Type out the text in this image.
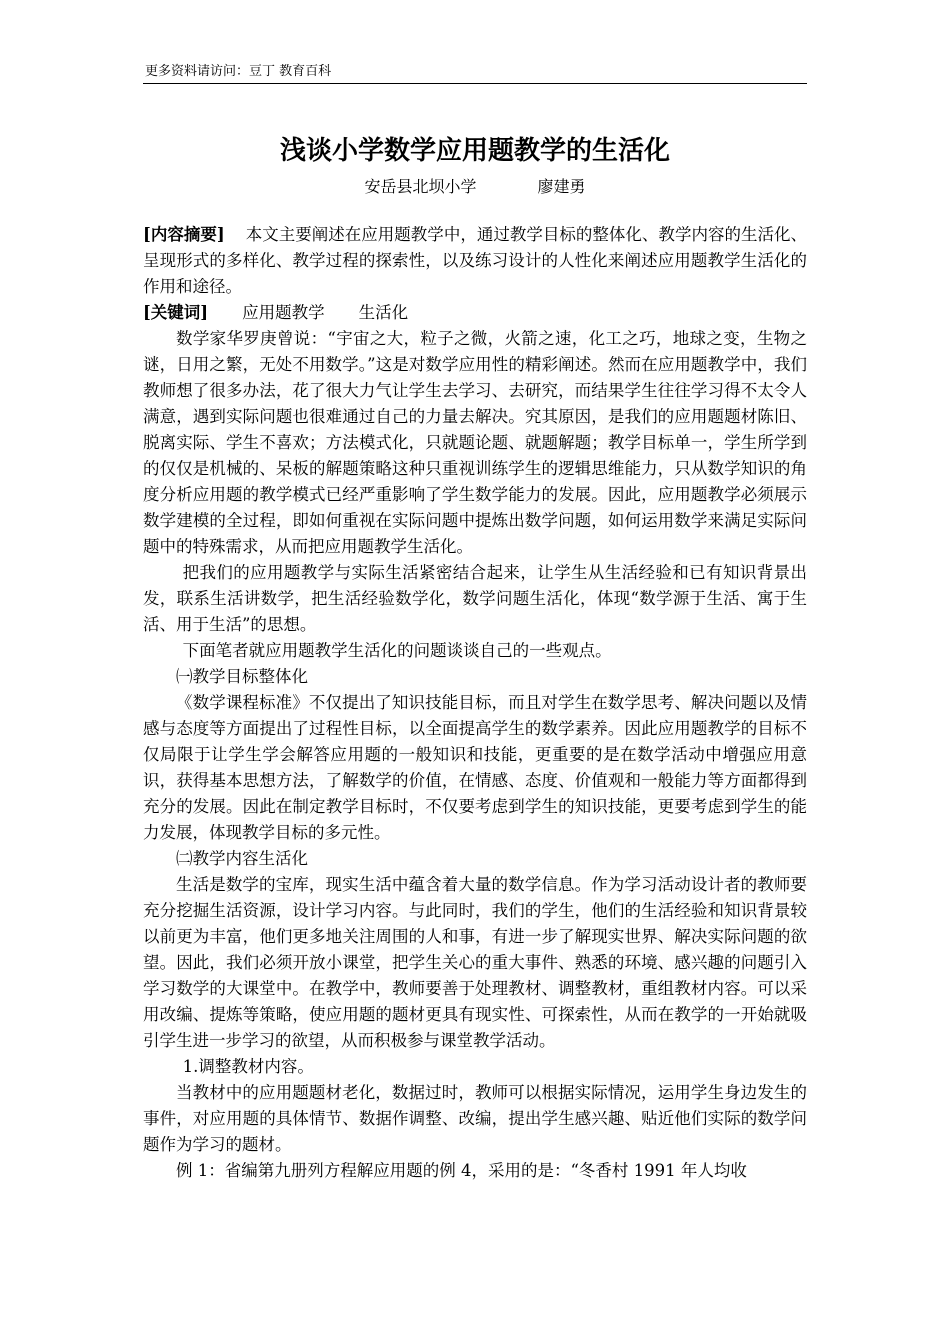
更多资料请访问：豆丁 教育百科
浅谈小学数学应用题教学的生活化
安岳县北坝小学	廖建勇

[内容摘要] 本文主要阐述在应用题教学中，通过教学目标的整体化、教学内容的生活化、呈现形式的多样化、教学过程的探索性，以及练习设计的人性化来阐述应用题教学生活化的作用和途径。

[关键词] 应用题教学 生活化

数学家华罗庚曾说：“宇宙之大，粒子之微，火箭之速，化工之巧，地球之变，生物之谜，日用之繁，无处不用数学。”这是对数学应用性的精彩阐述。然而在应用题教学中，我们教师想了很多办法，花了很大力气让学生去学习、去研究，而结果学生往往学习得不太令人满意，遇到实际问题也很难通过自己的力量去解决。究其原因，是我们的应用题题材陈旧、脱离实际、学生不喜欢；方法模式化，只就题论题、就题解题；教学目标单一，学生所学到的仅仅是机械的、呆板的解题策略这种只重视训练学生的逻辑思维能力，只从数学知识的角度分析应用题的教学模式已经严重影响了学生数学能力的发展。因此，应用题教学必须展示数学建模的全过程，即如何重视在实际问题中提炼出数学问题，如何运用数学来满足实际问题中的特殊需求，从而把应用题教学生活化。

把我们的应用题教学与实际生活紧密结合起来，让学生从生活经验和已有知识背景出发，联系生活讲数学，把生活经验数学化，数学问题生活化，体现“数学源于生活、寓于生活、用于生活”的思想。

下面笔者就应用题教学生活化的问题谈谈自己的一些观点。

㈠教学目标整体化

《数学课程标准》不仅提出了知识技能目标，而且对学生在数学思考、解决问题以及情感与态度等方面提出了过程性目标，以全面提高学生的数学素养。因此应用题教学的目标不仅局限于让学生学会解答应用题的一般知识和技能，更重要的是在数学活动中增强应用意识，获得基本思想方法，了解数学的价值，在情感、态度、价值观和一般能力等方面都得到充分的发展。因此在制定教学目标时，不仅要考虑到学生的知识技能，更要考虑到学生的能力发展，体现教学目标的多元性。

㈡教学内容生活化

生活是数学的宝库，现实生活中蕴含着大量的数学信息。作为学习活动设计者的教师要充分挖掘生活资源，设计学习内容。与此同时，我们的学生，他们的生活经验和知识背景较以前更为丰富，他们更多地关注周围的人和事，有进一步了解现实世界、解决实际问题的欲望。因此，我们必须开放小课堂，把学生关心的重大事件、熟悉的环境、感兴趣的问题引入学习数学的大课堂中。在教学中，教师要善于处理教材、调整教材，重组教材内容。可以采用改编、提炼等策略，使应用题的题材更具有现实性、可探索性，从而在教学的一开始就吸引学生进一步学习的欲望，从而积极参与课堂教学活动。

1.调整教材内容。

当教材中的应用题题材老化，数据过时，教师可以根据实际情况，运用学生身边发生的事件，对应用题的具体情节、数据作调整、改编，提出学生感兴趣、贴近他们实际的数学问题作为学习的题材。

例 1：省编第九册列方程解应用题的例 4，采用的是：“冬香村 1991 年人均收
